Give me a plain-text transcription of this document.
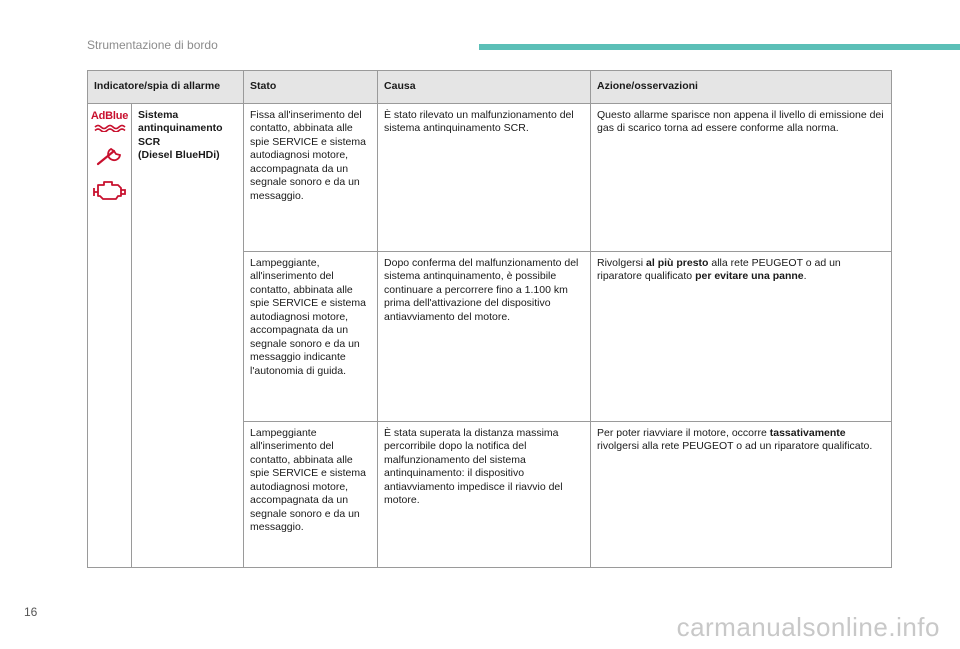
Strumentazione di bordo
Indicatore/spia di allarme		Stato	Causa	Azione/osservazioni

AdBlue	Sistema
antinquinamento
SCR
(Diesel BlueHDi)	Fissa all'inserimento del contatto, abbinata alle spie SERVICE e sistema autodiagnosi motore, accompagnata da un segnale sonoro e da un messaggio.	È stato rilevato un malfunzionamento del sistema antinquinamento SCR.	Questo allarme sparisce non appena il livello di emissione dei gas di scarico torna ad essere conforme alla norma.
		Lampeggiante, all'inserimento del contatto, abbinata alle spie SERVICE e sistema autodiagnosi motore, accompagnata da un segnale sonoro e da un messaggio indicante l'autonomia di guida.	Dopo conferma del malfunzionamento del sistema antinquinamento, è possibile continuare a percorrere fino a 1.100 km prima dell'attivazione del dispositivo antiavviamento del motore.	Rivolgersi al più presto alla rete PEUGEOT o ad un riparatore qualificato per evitare una panne.
		Lampeggiante all'inserimento del contatto, abbinata alle spie SERVICE e sistema autodiagnosi motore, accompagnata da un segnale sonoro e da un messaggio.	È stata superata la distanza massima percorribile dopo la notifica del malfunzionamento del sistema antinquinamento: il dispositivo antiavviamento impedisce il riavvio del motore.	Per poter riavviare il motore, occorre tassativamente rivolgersi alla rete PEUGEOT o ad un riparatore qualificato.
16	carmanualsonline.info
